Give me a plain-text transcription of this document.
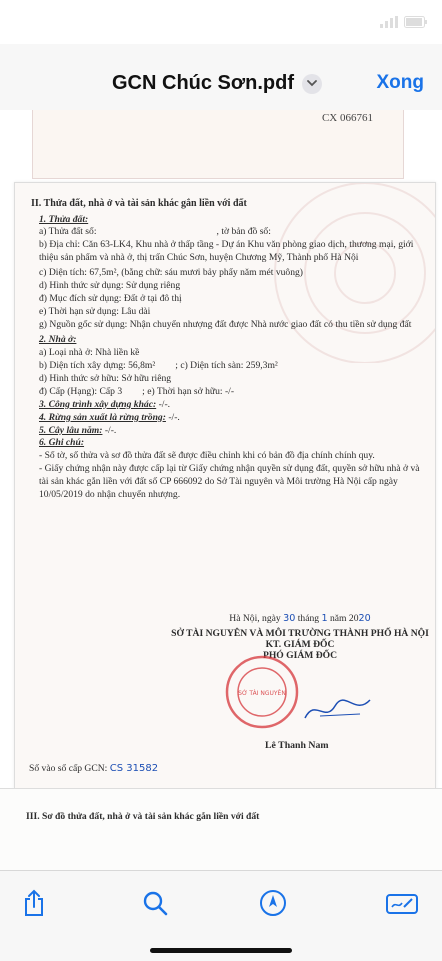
GCN Chúc Sơn.pdf	Xong
CX 066761
II. Thửa đất, nhà ở và tài sản khác gắn liền với đất
1. Thửa đất:
a) Thửa đất số:	, tờ bản đồ số:
b) Địa chỉ: Căn 63-LK4, Khu nhà ở thấp tầng - Dự án Khu văn phòng giao dịch, thương mại, giới thiệu sản phẩm và nhà ở, thị trấn Chúc Sơn, huyện Chương Mỹ, Thành phố Hà Nội
c) Diện tích: 67,5m², (bằng chữ: sáu mươi bảy phẩy năm mét vuông)
d) Hình thức sử dụng: Sử dụng riêng
đ) Mục đích sử dụng: Đất ở tại đô thị
e) Thời hạn sử dụng: Lâu dài
g) Nguồn gốc sử dụng: Nhận chuyển nhượng đất được Nhà nước giao đất có thu tiền sử dụng đất
2. Nhà ở:
a) Loại nhà ở: Nhà liền kề
b) Diện tích xây dựng: 56,8m² ; c) Diện tích sàn: 259,3m²
d) Hình thức sở hữu: Sở hữu riêng
đ) Cấp (Hạng): Cấp 3 ; e) Thời hạn sở hữu: -/-
3. Công trình xây dựng khác: -/-.
4. Rừng sản xuất là rừng trồng: -/-.
5. Cây lâu năm: -/-.
6. Ghi chú:
- Số tờ, số thửa và sơ đồ thửa đất sẽ được điều chỉnh khi có bản đồ địa chính chính quy.
- Giấy chứng nhận này được cấp lại từ Giấy chứng nhận quyền sử dụng đất, quyền sở hữu nhà ở và tài sản khác gắn liền với đất số CP 666092 do Sở Tài nguyên và Môi trường Hà Nội cấp ngày 10/05/2019 do nhận chuyển nhượng.
Hà Nội, ngày 30 tháng 1 năm 2020
SỞ TÀI NGUYÊN VÀ MÔI TRƯỜNG THÀNH PHỐ HÀ NỘI
KT. GIÁM ĐỐC
PHÓ GIÁM ĐỐC
SỞ TÀI NGUYÊN
Lê Thanh Nam
Số vào sổ cấp GCN: CS 31582
III. Sơ đồ thửa đất, nhà ở và tài sản khác gắn liền với đất
